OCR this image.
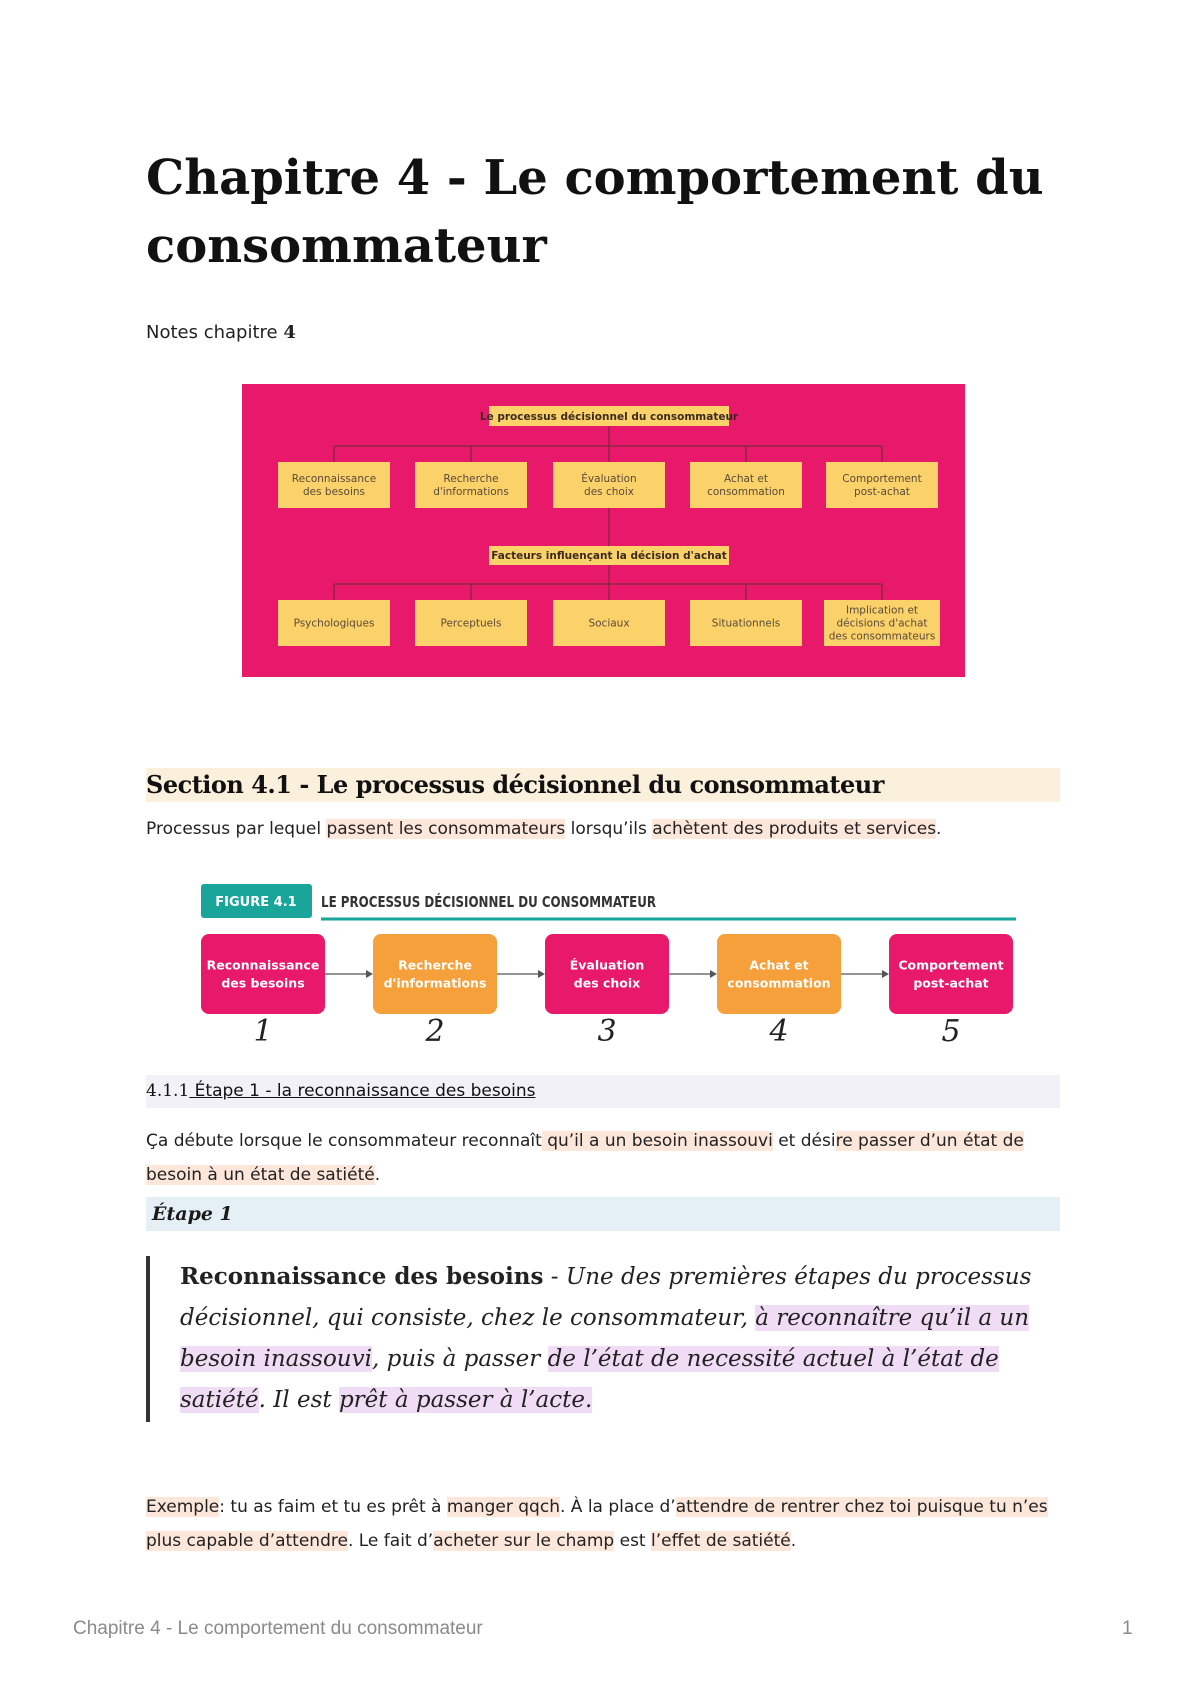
Chapitre 4 - Le comportement du consommateur
Notes chapitre 4
Le processus décisionnel du consommateur
Reconnaissance des besoins
Recherche d'informations
Évaluation des choix
Achat et consommation
Comportement post-achat
Facteurs influençant la décision d'achat
Psychologiques	Perceptuels	Sociaux	Situationnels
Implication et décisions d'achat des consommateurs
Section 4.1 - Le processus décisionnel du consommateur
Processus par lequel passent les consommateurs lorsqu’ils achètent des produits et services.
FIGURE 4.1 LE PROCESSUS DÉCISIONNEL DU CONSOMMATEUR
Reconnaissance des besoins
1
Recherche d'informations
2
Évaluation des choix
3
Achat et consommation
4
Comportement post-achat
5
4.1.1 Étape 1 - la reconnaissance des besoins
Ça débute lorsque le consommateur reconnaît qu’il a un besoin inassouvi et désire passer d’un état de besoin à un état de satiété.
Étape 1
Reconnaissance des besoins - Une des premières étapes du processus décisionnel, qui consiste, chez le consommateur, à reconnaître qu’il a un besoin inassouvi, puis à passer de l’état de necessité actuel à l’état de satiété. Il est prêt à passer à l’acte.
Exemple: tu as faim et tu es prêt à manger qqch. À la place d’attendre de rentrer chez toi puisque tu n’es plus capable d’attendre. Le fait d’acheter sur le champ est l’effet de satiété.
Chapitre 4 - Le comportement du consommateur	1
